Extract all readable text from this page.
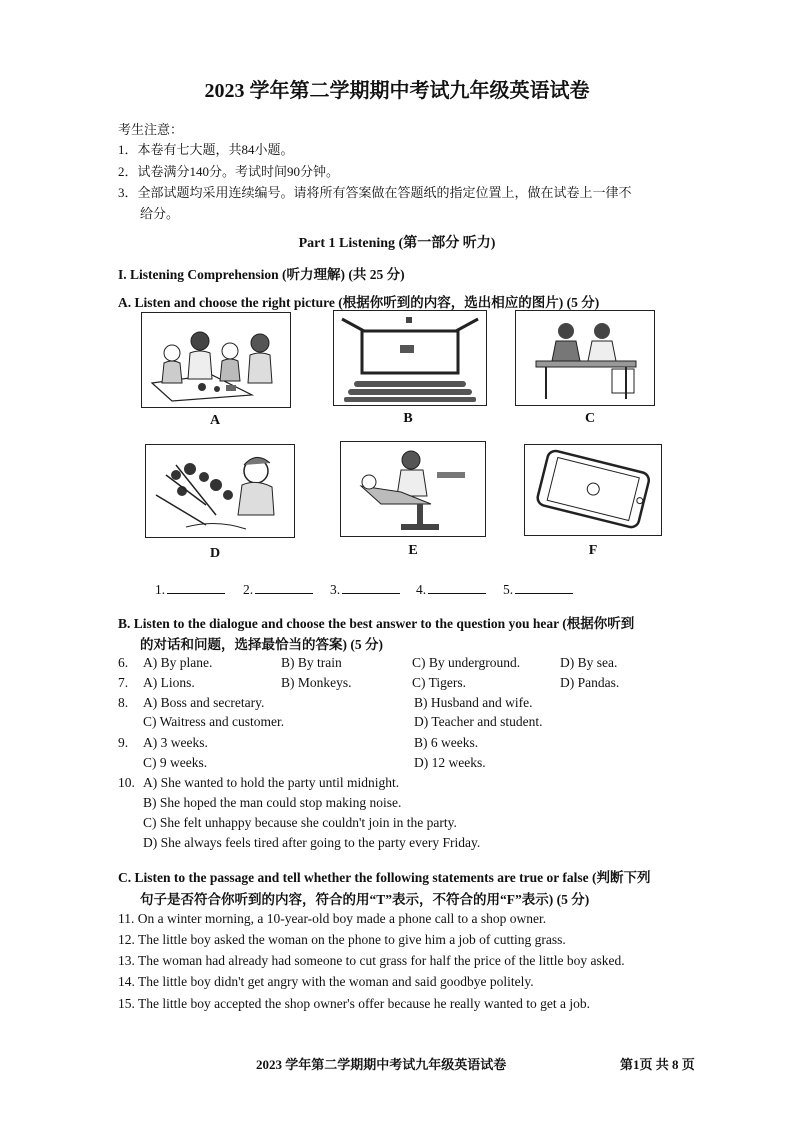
2023 学年第二学期期中考试九年级英语试卷
考生注意：
1．本卷有七大题，共84小题。
2．试卷满分140分。考试时间90分钟。
3．全部试题均采用连续编号。请将所有答案做在答题纸的指定位置上，做在试卷上一律不
给分。
Part 1 Listening (第一部分 听力)
I. Listening Comprehension (听力理解) (共 25 分)
A. Listen and choose the right picture (根据你听到的内容，选出相应的图片) (5 分)
A	B	C
D	E	F
1.	2.	3.	4.	5.
B. Listen to the dialogue and choose the best answer to the question you hear (根据你听到
的对话和问题，选择最恰当的答案) (5 分)
6. A) By plane.	B) By train	C) By underground.	D) By sea.
7. A) Lions.	B) Monkeys.	C) Tigers.	D) Pandas.
8. A) Boss and secretary.	B) Husband and wife.
C) Waitress and customer.	D) Teacher and student.
9. A) 3 weeks.	B) 6 weeks.
C) 9 weeks.	D) 12 weeks.
10. A) She wanted to hold the party until midnight.
B) She hoped the man could stop making noise.
C) She felt unhappy because she couldn't join in the party.
D) She always feels tired after going to the party every Friday.
C. Listen to the passage and tell whether the following statements are true or false (判断下列
句子是否符合你听到的内容，符合的用“T”表示，不符合的用“F”表示) (5 分)
11. On a winter morning, a 10-year-old boy made a phone call to a shop owner.
12. The little boy asked the woman on the phone to give him a job of cutting grass.
13. The woman had already had someone to cut grass for half the price of the little boy asked.
14. The little boy didn't get angry with the woman and said goodbye politely.
15. The little boy accepted the shop owner's offer because he really wanted to get a job.
2023 学年第二学期期中考试九年级英语试卷	第1页 共 8 页
